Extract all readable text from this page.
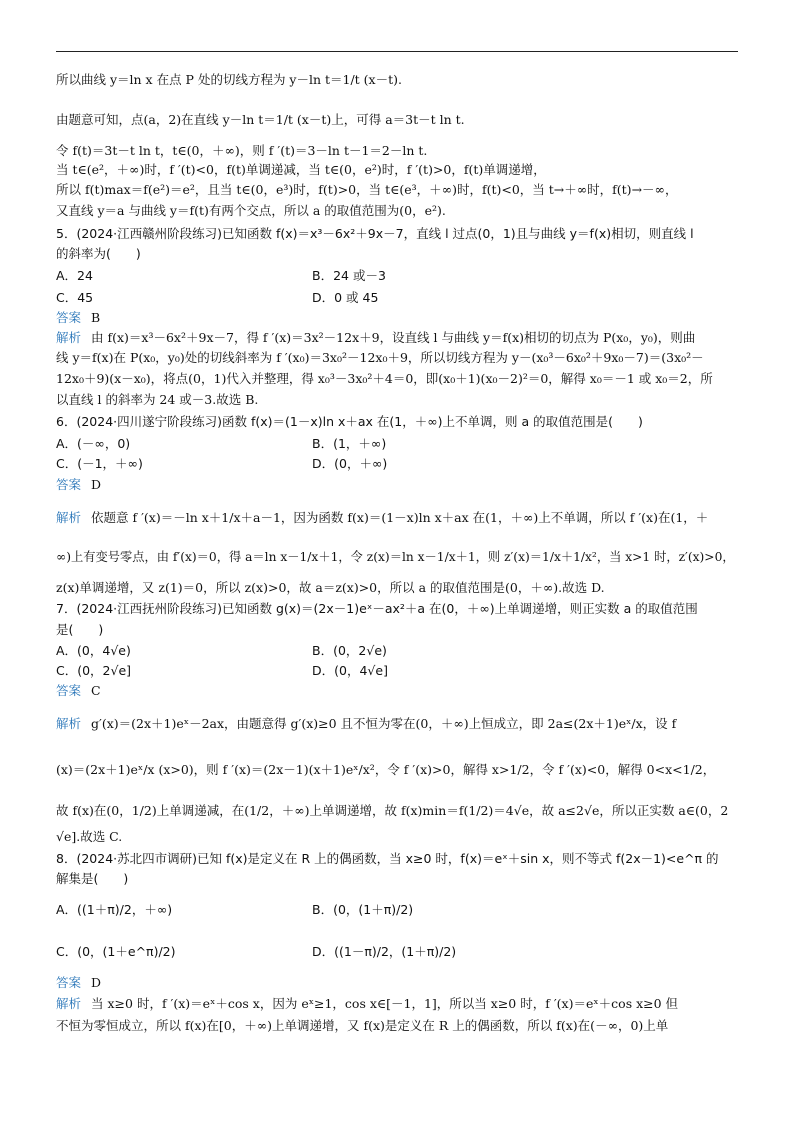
所以曲线 y＝ln x 在点 P 处的切线方程为 y－ln t＝1/t (x－t).
由题意可知，点(a，2)在直线 y－ln t＝1/t (x－t)上，可得 a＝3t－t ln t.
令 f(t)＝3t－t ln t，t∈(0，＋∞)，则 f ′(t)＝3－ln t－1＝2－ln t.
当 t∈(e²，＋∞)时，f ′(t)<0，f(t)单调递减，当 t∈(0，e²)时，f ′(t)>0，f(t)单调递增，
所以 f(t)max＝f(e²)＝e²，且当 t∈(0，e³)时，f(t)>0，当 t∈(e³，＋∞)时，f(t)<0，当 t→＋∞时，f(t)→－∞，
又直线 y＝a 与曲线 y＝f(t)有两个交点，所以 a 的取值范围为(0，e²).
5．(2024·江西赣州阶段练习)已知函数 f(x)＝x³－6x²＋9x－7，直线 l 过点(0，1)且与曲线 y＝f(x)相切，则直线 l
的斜率为(　　)
A．24	B．24 或－3
C．45	D．0 或 45
答案 B
解析 由 f(x)＝x³－6x²＋9x－7，得 f ′(x)＝3x²－12x＋9，设直线 l 与曲线 y＝f(x)相切的切点为 P(x₀，y₀)，则曲
线 y＝f(x)在 P(x₀，y₀)处的切线斜率为 f ′(x₀)＝3x₀²－12x₀＋9，所以切线方程为 y－(x₀³－6x₀²＋9x₀－7)＝(3x₀²－
12x₀＋9)(x－x₀)，将点(0，1)代入并整理，得 x₀³－3x₀²＋4＝0，即(x₀＋1)(x₀－2)²＝0，解得 x₀＝－1 或 x₀＝2，所
以直线 l 的斜率为 24 或－3.故选 B.
6．(2024·四川遂宁阶段练习)函数 f(x)＝(1－x)ln x＋ax 在(1，＋∞)上不单调，则 a 的取值范围是(　　)
A．(－∞，0)	B．(1，＋∞)
C．(－1，＋∞)	D．(0，＋∞)
答案 D
解析 依题意 f ′(x)＝－ln x＋1/x＋a－1，因为函数 f(x)＝(1－x)ln x＋ax 在(1，＋∞)上不单调，所以 f ′(x)在(1，＋
∞)上有变号零点，由 f′(x)＝0，得 a＝ln x－1/x＋1，令 z(x)＝ln x－1/x＋1，则 z′(x)＝1/x＋1/x²，当 x>1 时，z′(x)>0，
z(x)单调递增，又 z(1)＝0，所以 z(x)>0，故 a＝z(x)>0，所以 a 的取值范围是(0，＋∞).故选 D.
7．(2024·江西抚州阶段练习)已知函数 g(x)＝(2x－1)eˣ－ax²＋a 在(0，＋∞)上单调递增，则正实数 a 的取值范围
是(　　)
A．(0，4√e)	B．(0，2√e)
C．(0，2√e]	D．(0，4√e]
答案 C
解析 g′(x)＝(2x＋1)eˣ－2ax，由题意得 g′(x)≥0 且不恒为零在(0，＋∞)上恒成立，即 2a≤(2x＋1)eˣ/x，设 f
(x)＝(2x＋1)eˣ/x (x>0)，则 f ′(x)＝(2x－1)(x＋1)eˣ/x²，令 f ′(x)>0，解得 x>1/2，令 f ′(x)<0，解得 0<x<1/2，
故 f(x)在(0，1/2)上单调递减，在(1/2，＋∞)上单调递增，故 f(x)min＝f(1/2)＝4√e，故 a≤2√e，所以正实数 a∈(0，2
√e].故选 C.
8．(2024·苏北四市调研)已知 f(x)是定义在 R 上的偶函数，当 x≥0 时，f(x)＝eˣ＋sin x，则不等式 f(2x－1)<e^π 的
解集是(　　)
A．((1＋π)/2，＋∞)	B．(0，(1＋π)/2)
C．(0，(1＋e^π)/2)	D．((1－π)/2，(1＋π)/2)
答案 D
解析 当 x≥0 时，f ′(x)＝eˣ＋cos x，因为 eˣ≥1，cos x∈[－1，1]，所以当 x≥0 时，f ′(x)＝eˣ＋cos x≥0 但
不恒为零恒成立，所以 f(x)在[0，＋∞)上单调递增，又 f(x)是定义在 R 上的偶函数，所以 f(x)在(－∞，0)上单
